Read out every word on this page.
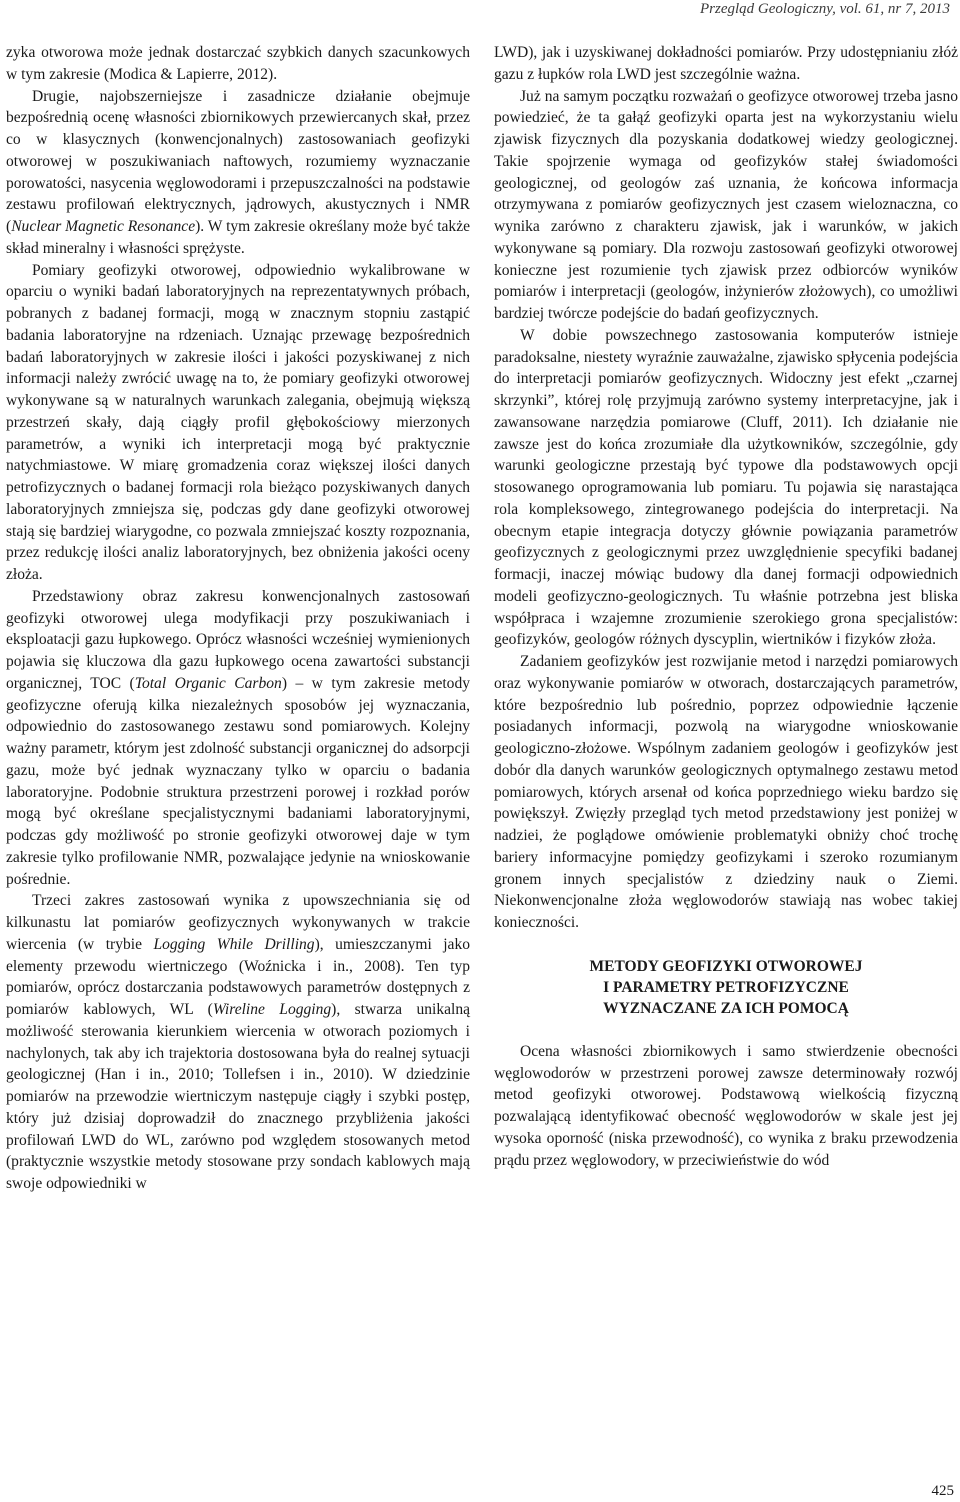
Przegląd Geologiczny, vol. 61, nr 7, 2013

zyka otworowa może jednak dostarczać szybkich danych szacunkowych w tym zakresie (Modica & Lapierre, 2012).

Drugie, najobszerniejsze i zasadnicze działanie obejmuje bezpośrednią ocenę własności zbiornikowych przewiercanych skał, przez co w klasycznych (konwencjonalnych) zastosowaniach geofizyki otworowej w poszukiwaniach naftowych, rozumiemy wyznaczanie porowatości, nasycenia węglowodorami i przepuszczalności na podstawie zestawu profilowań elektrycznych, jądrowych, akustycznych i NMR (Nuclear Magnetic Resonance). W tym zakresie określany może być także skład mineralny i własności sprężyste.

Pomiary geofizyki otworowej, odpowiednio wykalibrowane w oparciu o wyniki badań laboratoryjnych na reprezentatywnych próbach, pobranych z badanej formacji, mogą w znacznym stopniu zastąpić badania laboratoryjne na rdzeniach. Uznając przewagę bezpośrednich badań laboratoryjnych w zakresie ilości i jakości pozyskiwanej z nich informacji należy zwrócić uwagę na to, że pomiary geofizyki otworowej wykonywane są w naturalnych warunkach zalegania, obejmują większą przestrzeń skały, dają ciągły profil głębokościowy mierzonych parametrów, a wyniki ich interpretacji mogą być praktycznie natychmiastowe. W miarę gromadzenia coraz większej ilości danych petrofizycznych o badanej formacji rola bieżąco pozyskiwanych danych laboratoryjnych zmniejsza się, podczas gdy dane geofizyki otworowej stają się bardziej wiarygodne, co pozwala zmniejszać koszty rozpoznania, przez redukcję ilości analiz laboratoryjnych, bez obniżenia jakości oceny złoża.

Przedstawiony obraz zakresu konwencjonalnych zastosowań geofizyki otworowej ulega modyfikacji przy poszukiwaniach i eksploatacji gazu łupkowego. Oprócz własności wcześniej wymienionych pojawia się kluczowa dla gazu łupkowego ocena zawartości substancji organicznej, TOC (Total Organic Carbon) – w tym zakresie metody geofizyczne oferują kilka niezależnych sposobów jej wyznaczania, odpowiednio do zastosowanego zestawu sond pomiarowych. Kolejny ważny parametr, którym jest zdolność substancji organicznej do adsorpcji gazu, może być jednak wyznaczany tylko w oparciu o badania laboratoryjne. Podobnie struktura przestrzeni porowej i rozkład porów mogą być określane specjalistycznymi badaniami laboratoryjnymi, podczas gdy możliwość po stronie geofizyki otworowej daje w tym zakresie tylko profilowanie NMR, pozwalające jedynie na wnioskowanie pośrednie.

Trzeci zakres zastosowań wynika z upowszechniania się od kilkunastu lat pomiarów geofizycznych wykonywanych w trakcie wiercenia (w trybie Logging While Drilling), umieszczanymi jako elementy przewodu wiertniczego (Woźnicka i in., 2008). Ten typ pomiarów, oprócz dostarczania podstawowych parametrów dostępnych z pomiarów kablowych, WL (Wireline Logging), stwarza unikalną możliwość sterowania kierunkiem wiercenia w otworach poziomych i nachylonych, tak aby ich trajektoria dostosowana była do realnej sytuacji geologicznej (Han i in., 2010; Tollefsen i in., 2010). W dziedzinie pomiarów na przewodzie wiertniczym następuje ciągły i szybki postęp, który już dzisiaj doprowadził do znacznego przybliżenia jakości profilowań LWD do WL, zarówno pod względem stosowanych metod (praktycznie wszystkie metody stosowane przy sondach kablowych mają swoje odpowiedniki w

LWD), jak i uzyskiwanej dokładności pomiarów. Przy udostępnianiu złóż gazu z łupków rola LWD jest szczególnie ważna.

Już na samym początku rozważań o geofizyce otworowej trzeba jasno powiedzieć, że ta gałąź geofizyki oparta jest na wykorzystaniu wielu zjawisk fizycznych dla pozyskania dodatkowej wiedzy geologicznej. Takie spojrzenie wymaga od geofizyków stałej świadomości geologicznej, od geologów zaś uznania, że końcowa informacja otrzymywana z pomiarów geofizycznych jest czasem wieloznaczna, co wynika zarówno z charakteru zjawisk, jak i warunków, w jakich wykonywane są pomiary. Dla rozwoju zastosowań geofizyki otworowej konieczne jest rozumienie tych zjawisk przez odbiorców wyników pomiarów i interpretacji (geologów, inżynierów złożowych), co umożliwi bardziej twórcze podejście do badań geofizycznych.

W dobie powszechnego zastosowania komputerów istnieje paradoksalne, niestety wyraźnie zauważalne, zjawisko spłycenia podejścia do interpretacji pomiarów geofizycznych. Widoczny jest efekt „czarnej skrzynki”, której rolę przyjmują zarówno systemy interpretacyjne, jak i zawansowane narzędzia pomiarowe (Cluff, 2011). Ich działanie nie zawsze jest do końca zrozumiałe dla użytkowników, szczególnie, gdy warunki geologiczne przestają być typowe dla podstawowych opcji stosowanego oprogramowania lub pomiaru. Tu pojawia się narastająca rola kompleksowego, zintegrowanego podejścia do interpretacji. Na obecnym etapie integracja dotyczy głównie powiązania parametrów geofizycznych z geologicznymi przez uwzględnienie specyfiki badanej formacji, inaczej mówiąc budowy dla danej formacji odpowiednich modeli geofizyczno-geologicznych. Tu właśnie potrzebna jest bliska współpraca i wzajemne zrozumienie szerokiego grona specjalistów: geofizyków, geologów różnych dyscyplin, wiertników i fizyków złoża.

Zadaniem geofizyków jest rozwijanie metod i narzędzi pomiarowych oraz wykonywanie pomiarów w otworach, dostarczających parametrów, które bezpośrednio lub pośrednio, poprzez odpowiednie łączenie posiadanych informacji, pozwolą na wiarygodne wnioskowanie geologiczno-złożowe. Wspólnym zadaniem geologów i geofizyków jest dobór dla danych warunków geologicznych optymalnego zestawu metod pomiarowych, których arsenał od końca poprzedniego wieku bardzo się powiększył. Zwięzły przegląd tych metod przedstawiony jest poniżej w nadziei, że poglądowe omówienie problematyki obniży choć trochę bariery informacyjne pomiędzy geofizykami i szeroko rozumianym gronem innych specjalistów z dziedziny nauk o Ziemi. Niekonwencjonalne złoża węglowodorów stawiają nas wobec takiej konieczności.

METODY GEOFIZYKI OTWOROWEJ
I PARAMETRY PETROFIZYCZNE
WYZNACZANE ZA ICH POMOCĄ

Ocena własności zbiornikowych i samo stwierdzenie obecności węglowodorów w przestrzeni porowej zawsze determinowały rozwój metod geofizyki otworowej. Podstawową wielkością fizyczną pozwalającą identyfikować obecność węglowodorów w skale jest jej wysoka oporność (niska przewodność), co wynika z braku przewodzenia prądu przez węglowodory, w przeciwieństwie do wód

425
